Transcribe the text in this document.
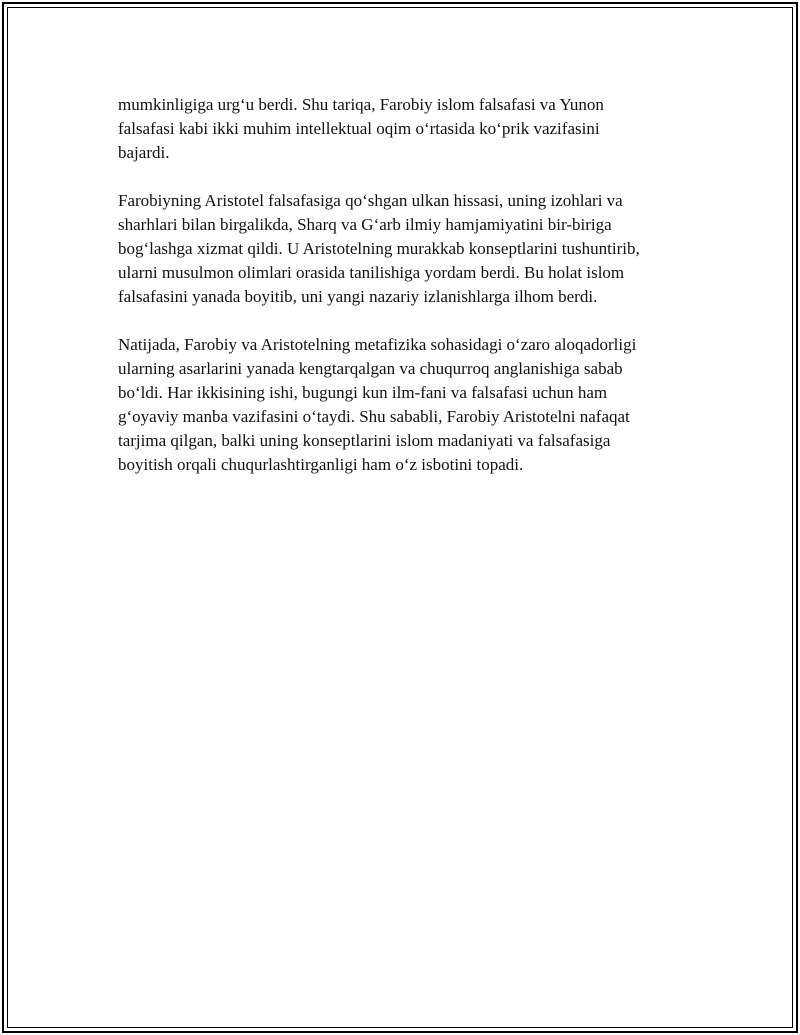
mumkinligiga urg‘u berdi. Shu tariqa, Farobiy islom falsafasi va Yunon
falsafasi kabi ikki muhim intellektual oqim o‘rtasida ko‘prik vazifasini
bajardi.

Farobiyning Aristotel falsafasiga qo‘shgan ulkan hissasi, uning izohlari va
sharhlari bilan birgalikda, Sharq va G‘arb ilmiy hamjamiyatini bir-biriga
bog‘lashga xizmat qildi. U Aristotelning murakkab konseptlarini tushuntirib,
ularni musulmon olimlari orasida tanilishiga yordam berdi. Bu holat islom
falsafasini yanada boyitib, uni yangi nazariy izlanishlarga ilhom berdi.

Natijada, Farobiy va Aristotelning metafizika sohasidagi o‘zaro aloqadorligi
ularning asarlarini yanada kengtarqalgan va chuqurroq anglanishiga sabab
bo‘ldi. Har ikkisining ishi, bugungi kun ilm-fani va falsafasi uchun ham
g‘oyaviy manba vazifasini o‘taydi. Shu sababli, Farobiy Aristotelni nafaqat
tarjima qilgan, balki uning konseptlarini islom madaniyati va falsafasiga
boyitish orqali chuqurlashtirganligi ham o‘z isbotini topadi.
